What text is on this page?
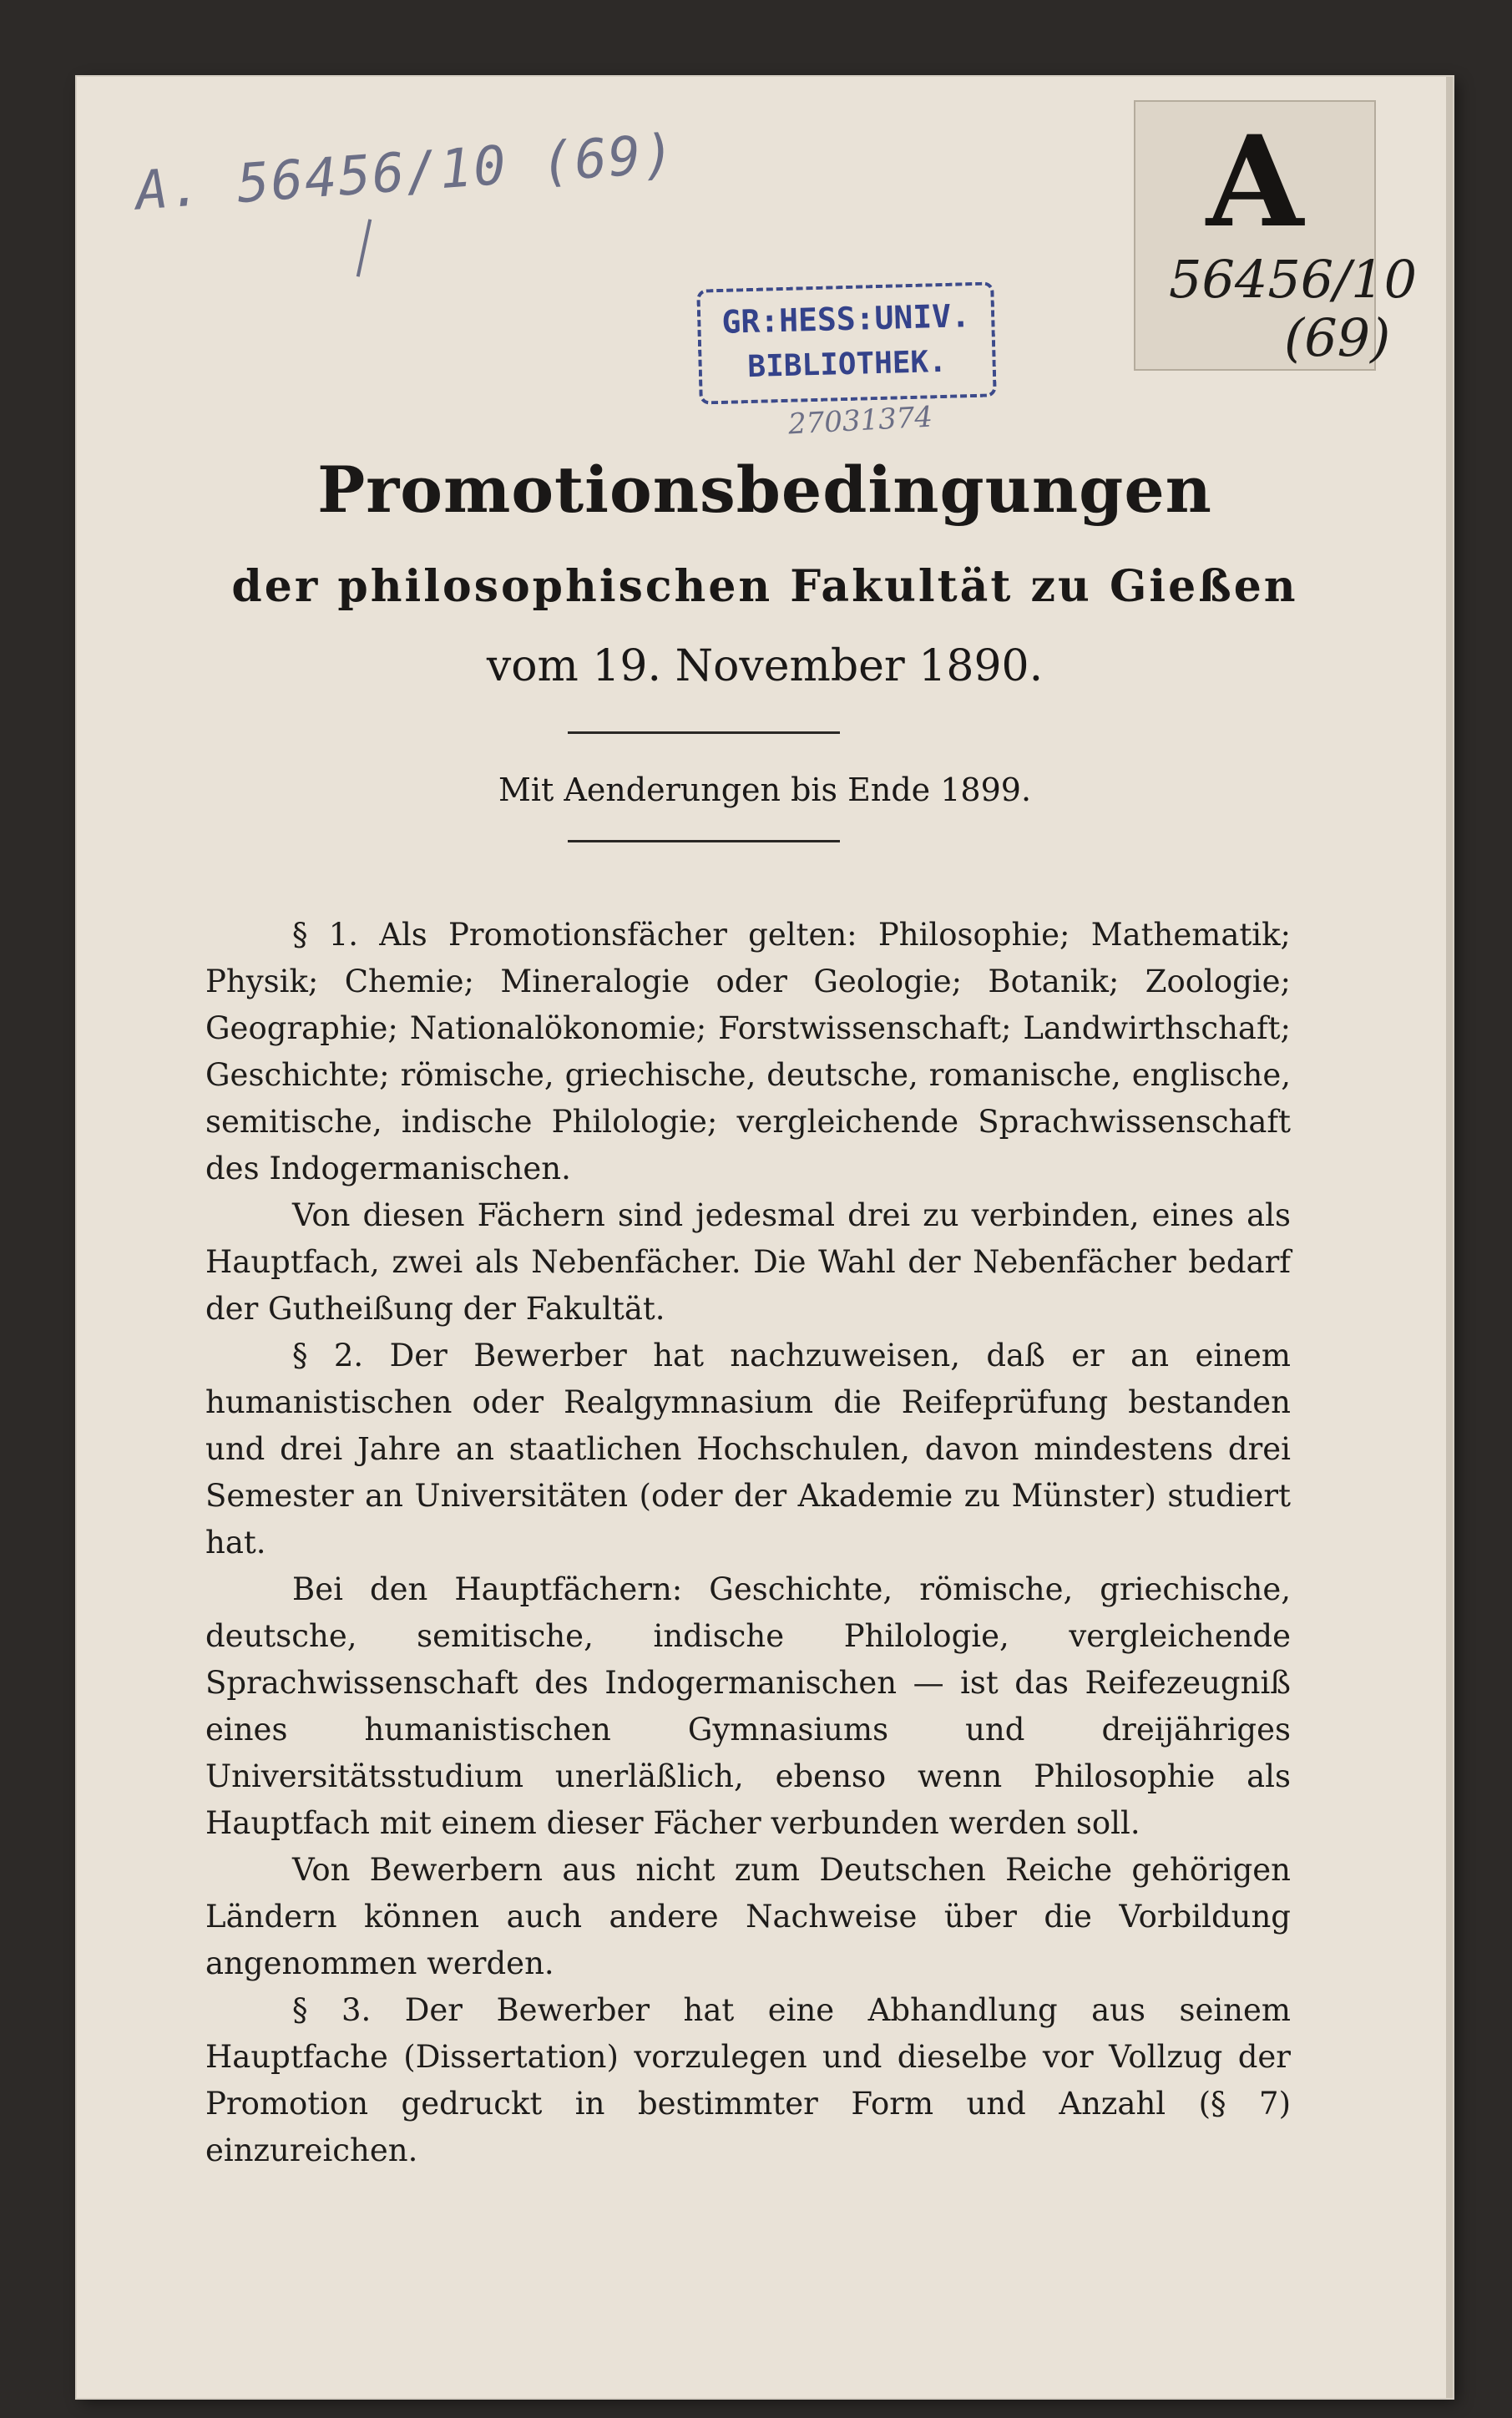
A. 56456/10 (69)	A
56456/10
(69)
GR:HESS:UNIV.
BIBLIOTHEK.
27031374
Promotionsbedingungen
der philosophischen Fakultät zu Gießen
vom 19. November 1890.
Mit Aenderungen bis Ende 1899.

§ 1. Als Promotionsfächer gelten: Philosophie; Mathematik; Physik; Chemie; Mineralogie oder Geologie; Botanik; Zoologie; Geographie; Nationalökonomie; Forstwissenschaft; Landwirthschaft; Geschichte; römische, griechische, deutsche, romanische, englische, semitische, indische Philologie; vergleichende Sprachwissenschaft des Indogermanischen.

Von diesen Fächern sind jedesmal drei zu verbinden, eines als Hauptfach, zwei als Nebenfächer. Die Wahl der Nebenfächer bedarf der Gutheißung der Fakultät.

§ 2. Der Bewerber hat nachzuweisen, daß er an einem humanistischen oder Realgymnasium die Reifeprüfung bestanden und drei Jahre an staatlichen Hochschulen, davon mindestens drei Semester an Universitäten (oder der Akademie zu Münster) studiert hat.

Bei den Hauptfächern: Geschichte, römische, griechische, deutsche, semitische, indische Philologie, vergleichende Sprachwissenschaft des Indogermanischen — ist das Reifezeugniß eines humanistischen Gymnasiums und dreijähriges Universitätsstudium unerläßlich, ebenso wenn Philosophie als Hauptfach mit einem dieser Fächer verbunden werden soll.

Von Bewerbern aus nicht zum Deutschen Reiche gehörigen Ländern können auch andere Nachweise über die Vorbildung angenommen werden.

§ 3. Der Bewerber hat eine Abhandlung aus seinem Hauptfache (Dissertation) vorzulegen und dieselbe vor Vollzug der Promotion gedruckt in bestimmter Form und Anzahl (§ 7) einzureichen.
